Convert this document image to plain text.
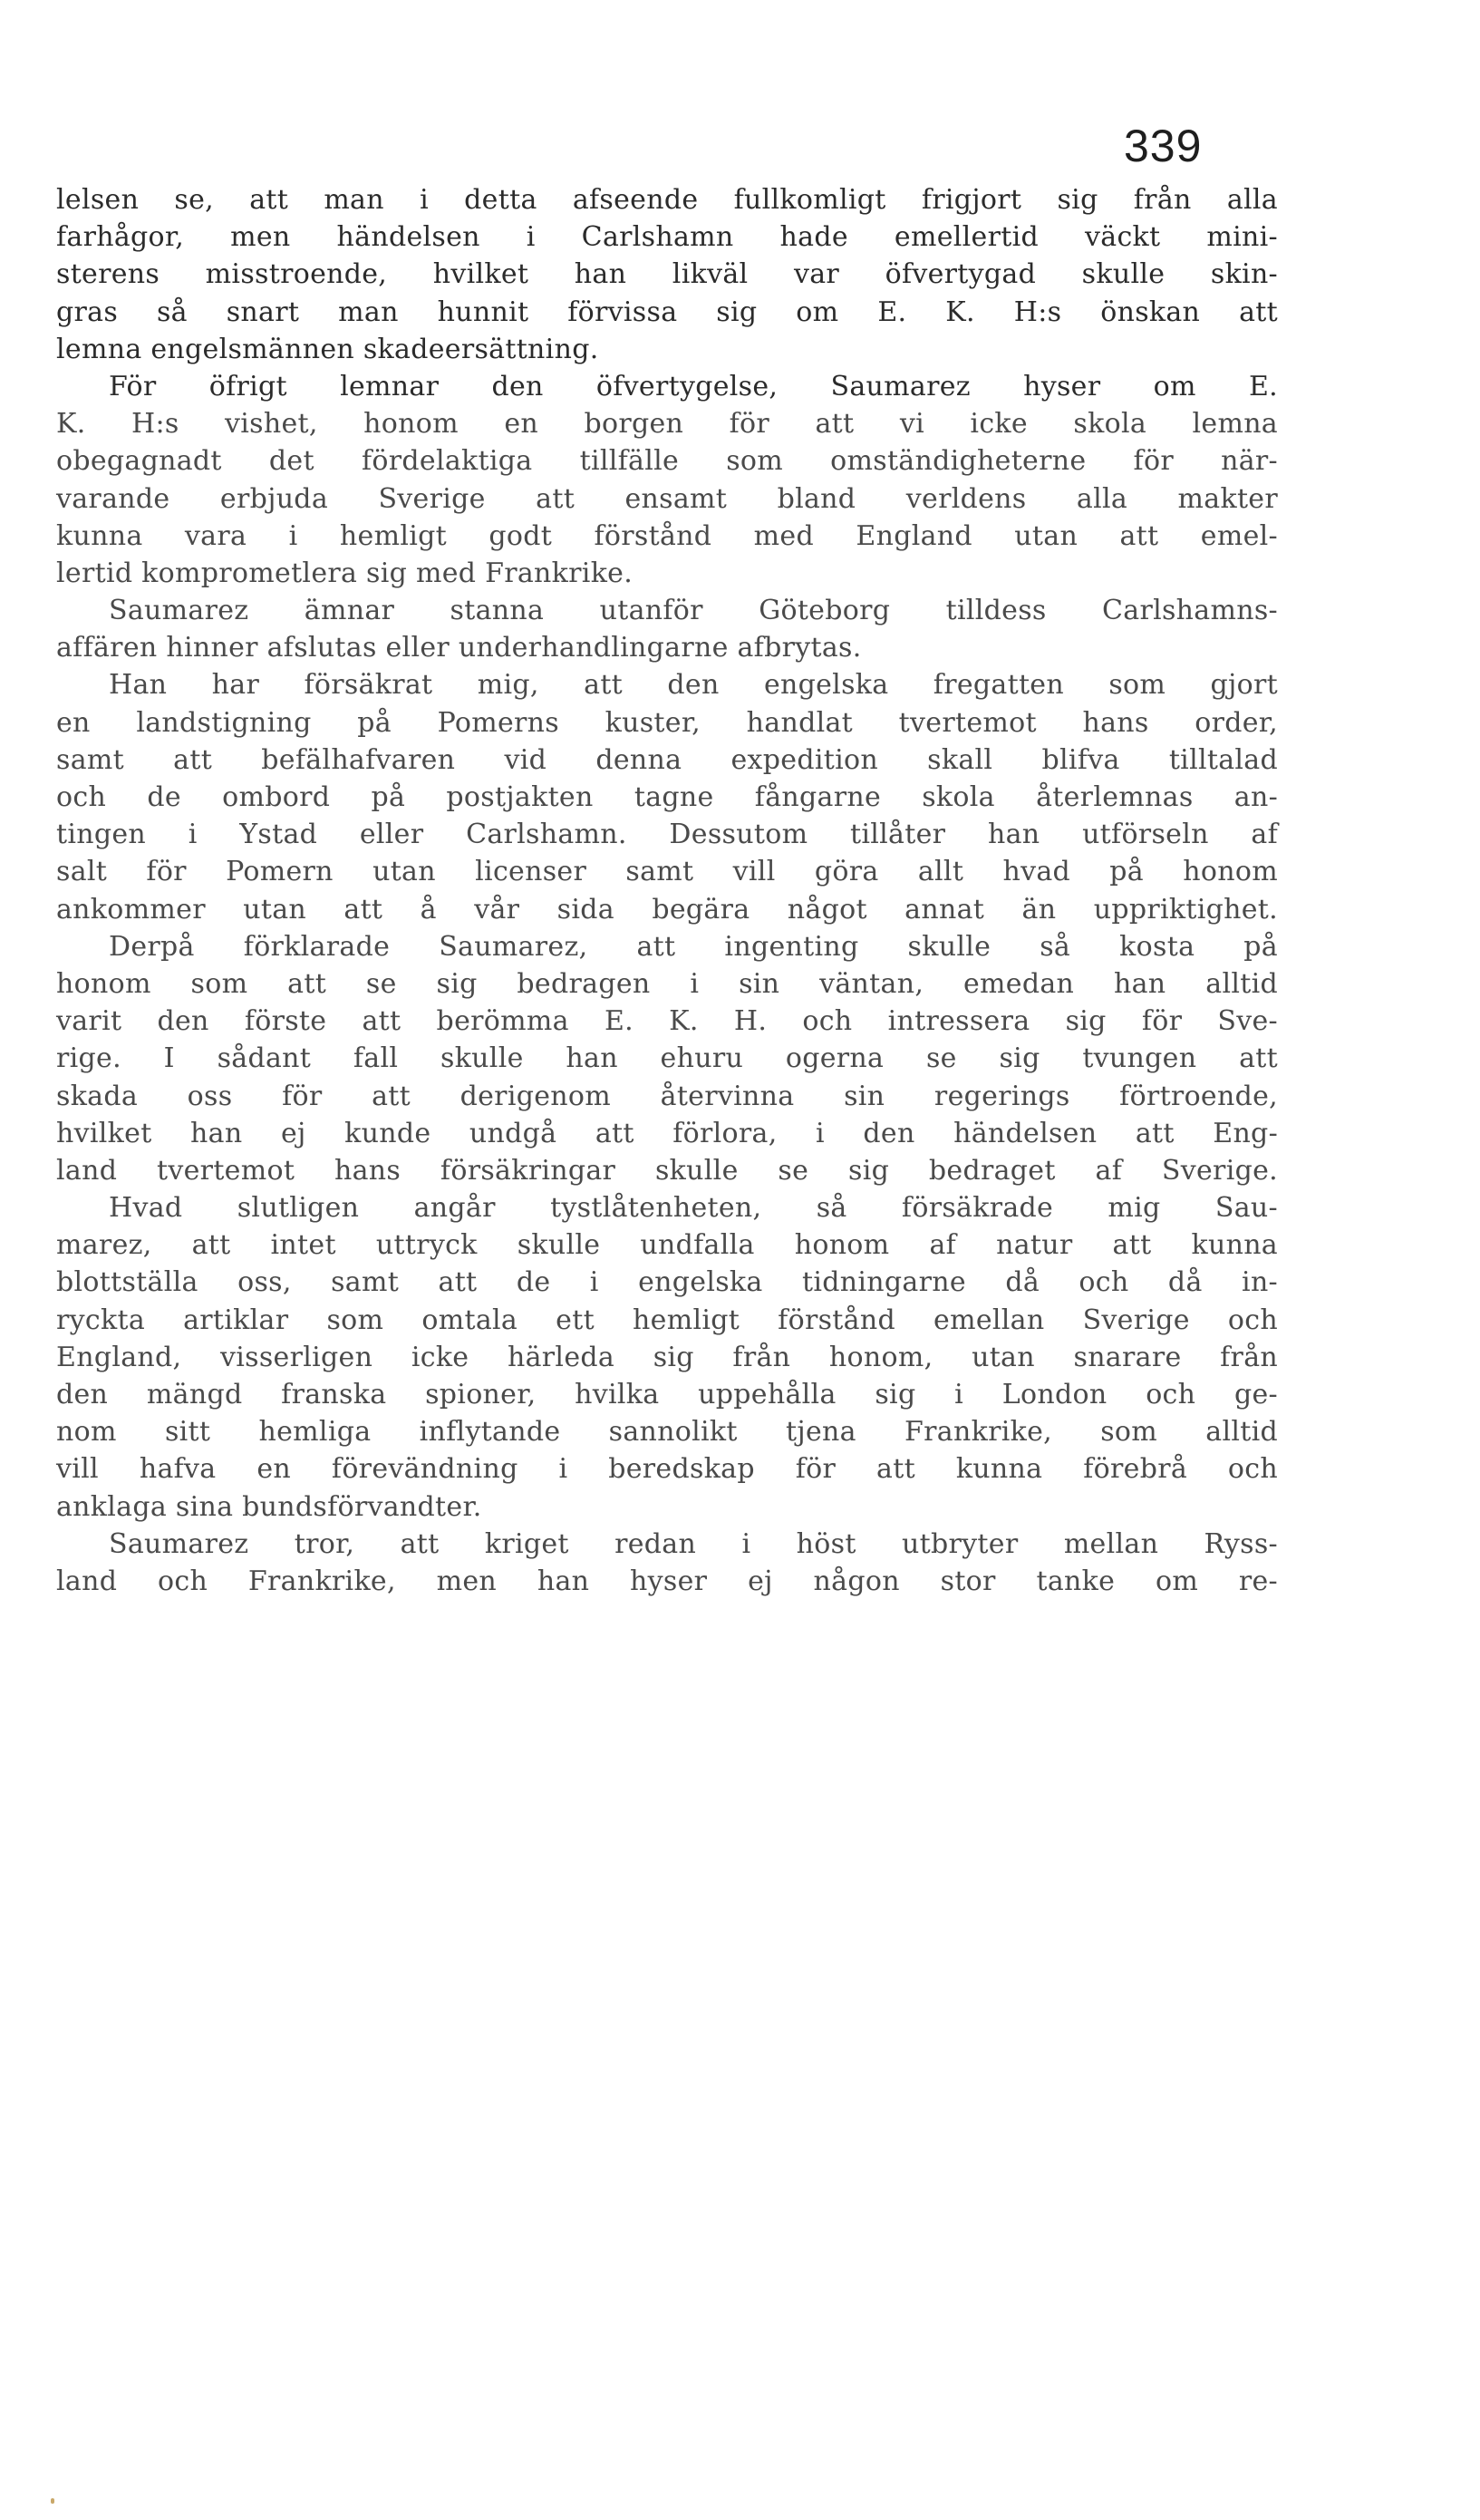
339
lelsen se, att man i detta afseende fullkomligt frigjort sig från alla
farhågor, men händelsen i Carlshamn hade emellertid väckt mini-
sterens misstroende, hvilket han likväl var öfvertygad skulle skin-
gras så snart man hunnit förvissa sig om E. K. H:s önskan att
lemna engelsmännen skadeersättning.
För öfrigt lemnar den öfvertygelse, Saumarez hyser om E.
K. H:s vishet, honom en borgen för att vi icke skola lemna
obegagnadt det fördelaktiga tillfälle som omständigheterne för när-
varande erbjuda Sverige att ensamt bland verldens alla makter
kunna vara i hemligt godt förstånd med England utan att emel-
lertid komprometlera sig med Frankrike.
Saumarez ämnar stanna utanför Göteborg tilldess Carlshamns-
affären hinner afslutas eller underhandlingarne afbrytas.
Han har försäkrat mig, att den engelska fregatten som gjort
en landstigning på Pomerns kuster, handlat tvertemot hans order,
samt att befälhafvaren vid denna expedition skall blifva tilltalad
och de ombord på postjakten tagne fångarne skola återlemnas an-
tingen i Ystad eller Carlshamn. Dessutom tillåter han utförseln af
salt för Pomern utan licenser samt vill göra allt hvad på honom
ankommer utan att å vår sida begära något annat än uppriktighet.
Derpå förklarade Saumarez, att ingenting skulle så kosta på
honom som att se sig bedragen i sin väntan, emedan han alltid
varit den förste att berömma E. K. H. och intressera sig för Sve-
rige. I sådant fall skulle han ehuru ogerna se sig tvungen att
skada oss för att derigenom återvinna sin regerings förtroende,
hvilket han ej kunde undgå att förlora, i den händelsen att Eng-
land tvertemot hans försäkringar skulle se sig bedraget af Sverige.
Hvad slutligen angår tystlåtenheten, så försäkrade mig Sau-
marez, att intet uttryck skulle undfalla honom af natur att kunna
blottställa oss, samt att de i engelska tidningarne då och då in-
ryckta artiklar som omtala ett hemligt förstånd emellan Sverige och
England, visserligen icke härleda sig från honom, utan snarare från
den mängd franska spioner, hvilka uppehålla sig i London och ge-
nom sitt hemliga inflytande sannolikt tjena Frankrike, som alltid
vill hafva en förevändning i beredskap för att kunna förebrå och
anklaga sina bundsförvandter.
Saumarez tror, att kriget redan i höst utbryter mellan Ryss-
land och Frankrike, men han hyser ej någon stor tanke om re-
